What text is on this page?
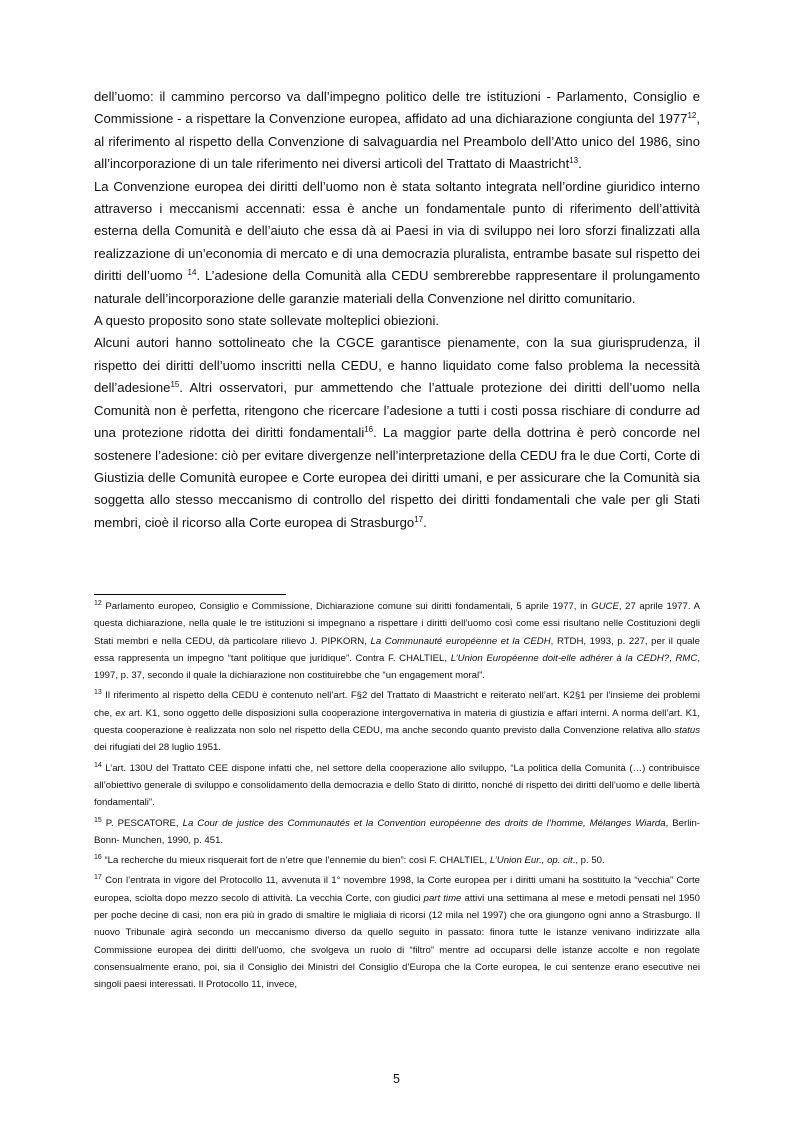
dell’uomo: il cammino percorso va dall’impegno politico delle tre istituzioni - Parlamento, Consiglio e Commissione - a rispettare la Convenzione europea, affidato ad una dichiarazione congiunta del 1977$^{12}$, al riferimento al rispetto della Convenzione di salvaguardia nel Preambolo dell’Atto unico del 1986, sino all’incorporazione di un tale riferimento nei diversi articoli del Trattato di Maastricht$^{13}$.

La Convenzione europea dei diritti dell’uomo non è stata soltanto integrata nell’ordine giuridico interno attraverso i meccanismi accennati: essa è anche un fondamentale punto di riferimento dell’attività esterna della Comunità e dell’aiuto che essa dà ai Paesi in via di sviluppo nei loro sforzi finalizzati alla realizzazione di un’economia di mercato e di una democrazia pluralista, entrambe basate sul rispetto dei diritti dell’uomo $^{14}$. L’adesione della Comunità alla CEDU sembrerebbe rappresentare il prolungamento naturale dell’incorporazione delle garanzie materiali della Convenzione nel diritto comunitario.

A questo proposito sono state sollevate molteplici obiezioni.

Alcuni autori hanno sottolineato che la CGCE garantisce pienamente, con la sua giurisprudenza, il rispetto dei diritti dell’uomo inscritti nella CEDU, e hanno liquidato come falso problema la necessità dell’adesione$^{15}$. Altri osservatori, pur ammettendo che l’attuale protezione dei diritti dell’uomo nella Comunità non è perfetta, ritengono che ricercare l’adesione a tutti i costi possa rischiare di condurre ad una protezione ridotta dei diritti fondamentali$^{16}$. La maggior parte della dottrina è però concorde nel sostenere l’adesione: ciò per evitare divergenze nell’interpretazione della CEDU fra le due Corti, Corte di Giustizia delle Comunità europee e Corte europea dei diritti umani, e per assicurare che la Comunità sia soggetta allo stesso meccanismo di controllo del rispetto dei diritti fondamentali che vale per gli Stati membri, cioè il ricorso alla Corte europea di Strasburgo$^{17}$.

$^{12}$ Parlamento europeo, Consiglio e Commissione, Dichiarazione comune sui diritti fondamentali, 5 aprile 1977, in GUCE, 27 aprile 1977. A questa dichiarazione, nella quale le tre istituzioni si impegnano a rispettare i diritti dell’uomo così come essi risultano nelle Costituzioni degli Stati membri e nella CEDU, dà particolare rilievo J. PIPKORN, La Communauté européenne et la CEDH, RTDH, 1993, p. 227, per il quale essa rappresenta un impegno “tant politique que juridique”. Contra F. CHALTIEL, L’Union Européenne doit-elle adhérer à la CEDH?, RMC, 1997, p. 37, secondo il quale la dichiarazione non costituirebbe che “un engagement moral”.

$^{13}$ Il riferimento al rispetto della CEDU è contenuto nell’art. F§2 del Trattato di Maastricht e reiterato nell’art. K2§1 per l’insieme dei problemi che, ex art. K1, sono oggetto delle disposizioni sulla cooperazione intergovernativa in materia di giustizia e affari interni. A norma dell’art. K1, questa cooperazione è realizzata non solo nel rispetto della CEDU, ma anche secondo quanto previsto dalla Convenzione relativa allo status dei rifugiati del 28 luglio 1951.

$^{14}$ L’art. 130U del Trattato CEE dispone infatti che, nel settore della cooperazione allo sviluppo, “La politica della Comunità (…) contribuisce all’obiettivo generale di sviluppo e consolidamento della democrazia e dello Stato di diritto, nonché di rispetto dei diritti dell’uomo e delle libertà fondamentali”.

$^{15}$ P. PESCATORE, La Cour de justice des Communautés et la Convention européenne des droits de l’homme, Mélanges Wiarda, Berlin-Bonn- Munchen, 1990, p. 451.

$^{16}$ “La recherche du mieux risquerait fort de n’etre que l’ennemie du bien”: così F. CHALTIEL, L’Union Eur., op. cit., p. 50.

$^{17}$ Con l’entrata in vigore del Protocollo 11, avvenuta il 1° novembre 1998, la Corte europea per i diritti umani ha sostituito la “vecchia” Corte europea, sciolta dopo mezzo secolo di attività. La vecchia Corte, con giudici part time attivi una settimana al mese e metodi pensati nel 1950 per poche decine di casi, non era più in grado di smaltire le migliaia di ricorsi (12 mila nel 1997) che ora giungono ogni anno a Strasburgo. Il nuovo Tribunale agirà secondo un meccanismo diverso da quello seguito in passato: finora tutte le istanze venivano indirizzate alla Commissione europea dei diritti dell’uomo, che svolgeva un ruolo di “filtro” mentre ad occuparsi delle istanze accolte e non regolate consensualmente erano, poi, sia il Consiglio dei Ministri del Consiglio d’Europa che la Corte europea, le cui sentenze erano esecutive nei singoli paesi interessati. Il Protocollo 11, invece,

5
